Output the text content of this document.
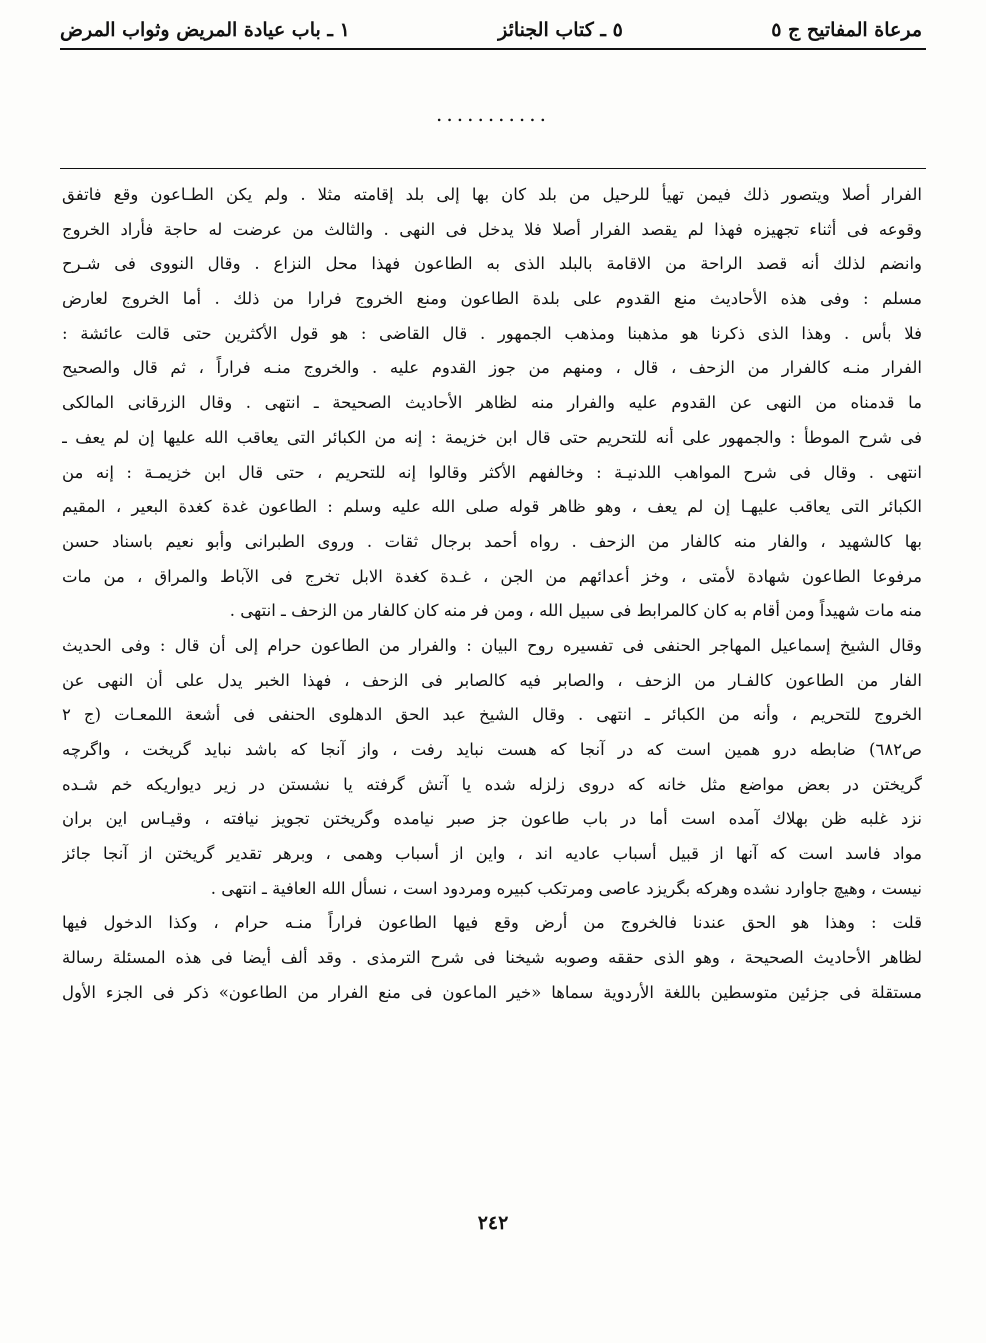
مرعاة المفاتيح ج ٥
٥ ـ كتاب الجنائز
١ ـ باب عيادة المريض وثواب المرض
...........
الفرار أصلا ويتصور ذلك فيمن تهيأ للرحيل من بلد كان بها إلى بلد إقامته مثلا . ولم يكن الطـاعون وقع فاتفق
وقوعه فى أثناء تجهيزه فهذا لم يقصد الفرار أصلا فلا يدخل فى النهى . والثالث من عرضت له حاجة فأراد الخروج
وانضم لذلك أنه قصد الراحة من الاقامة بالبلد الذى به الطاعون فهذا محل النزاع . وقال النووى فى شـرح
مسلم : وفى هذه الأحاديث منع القدوم على بلدة الطاعون ومنع الخروج فرارا من ذلك . أما الخروج لعارض
فلا بأس . وهذا الذى ذكرنا هو مذهبنا ومذهب الجمهور . قال القاضى : هو قول الأكثرين حتى قالت عائشة :
الفرار منـه كالفرار من الزحف ، قال ، ومنهم من جوز القدوم عليه . والخروج منـه فراراً ، ثم قال والصحيح
ما قدمناه من النهى عن القدوم عليه والفرار منه لظاهر الأحاديث الصحيحة ـ انتهى . وقال الزرقانى المالكى
فى شرح الموطأ : والجمهور على أنه للتحريم حتى قال ابن خزيمة : إنه من الكبائر التى يعاقب الله عليها إن لم يعف ـ
انتهى . وقال فى شرح المواهب اللدنيـة : وخالفهم الأكثر وقالوا إنه للتحريم ، حتى قال ابن خزيمـة : إنه من
الكبائر التى يعاقب عليهـا إن لم يعف ، وهو ظاهر قوله صلى الله عليه وسلم : الطاعون غدة كغدة البعير ، المقيم
بها كالشهيد ، والفار منه كالفار من الزحف . رواه أحمد برجال ثقات . وروى الطبرانى وأبو نعيم باسناد حسن
مرفوعا الطاعون شهادة لأمتى ، وخز أعدائهم من الجن ، غـدة كغدة الابل تخرج فى الآباط والمراق ، من مات
منه مات شهيداً ومن أقام به كان كالمرابط فى سبيل الله ، ومن فر منه كان كالفار من الزحف ـ انتهى .
وقال الشيخ إسماعيل المهاجر الحنفى فى تفسيره روح البيان : والفرار من الطاعون حرام إلى أن قال : وفى الحديث
الفار من الطاعون كالفـار من الزحف ، والصابر فيه كالصابر فى الزحف ، فهذا الخبر يدل على أن النهى عن
الخروج للتحريم ، وأنه من الكبائر ـ انتهى . وقال الشيخ عبد الحق الدهلوى الحنفى فى أشعة اللمعـات (ج ٢
ص٦٨٢) ضابطه درو همين است كه در آنجا كه هست نبايد رفت ، واز آنجا كه باشد نبايد گريخت ، واگرچه
گريختن در بعض مواضع مثل خانه كه دروى زلزله شده يا آتش گرفته يا نشستن در زير ديواريكه خم شـده
نزد غلبه ظن بهلاك آمده است أما در باب طاعون جز صبر نيامده وگريختن تجويز نيافته ، وقيـاس اين بران
مواد فاسد است كه آنها از قبيل أسباب عاديه اند ، واين از أسباب وهمى ، وبرهر تقدير گريختن از آنجا جائز
نيست ، وهيچ جاوارد نشده وهركه بگريزد عاصى ومرتكب كبيره ومردود است ، نسأل الله العافية ـ انتهى .
قلت : وهذا هو الحق عندنا فالخروج من أرض وقع فيها الطاعون فراراً منـه حرام ، وكذا الدخول فيها
لظاهر الأحاديث الصحيحة ، وهو الذى حققه وصوبه شيخنا فى شرح الترمذى . وقد ألف أيضا فى هذه المسئلة رسالة
مستقلة فى جزئين متوسطين باللغة الأردوية سماها «خير الماعون فى منع الفرار من الطاعون» ذكر فى الجزء الأول
٢٤٢
